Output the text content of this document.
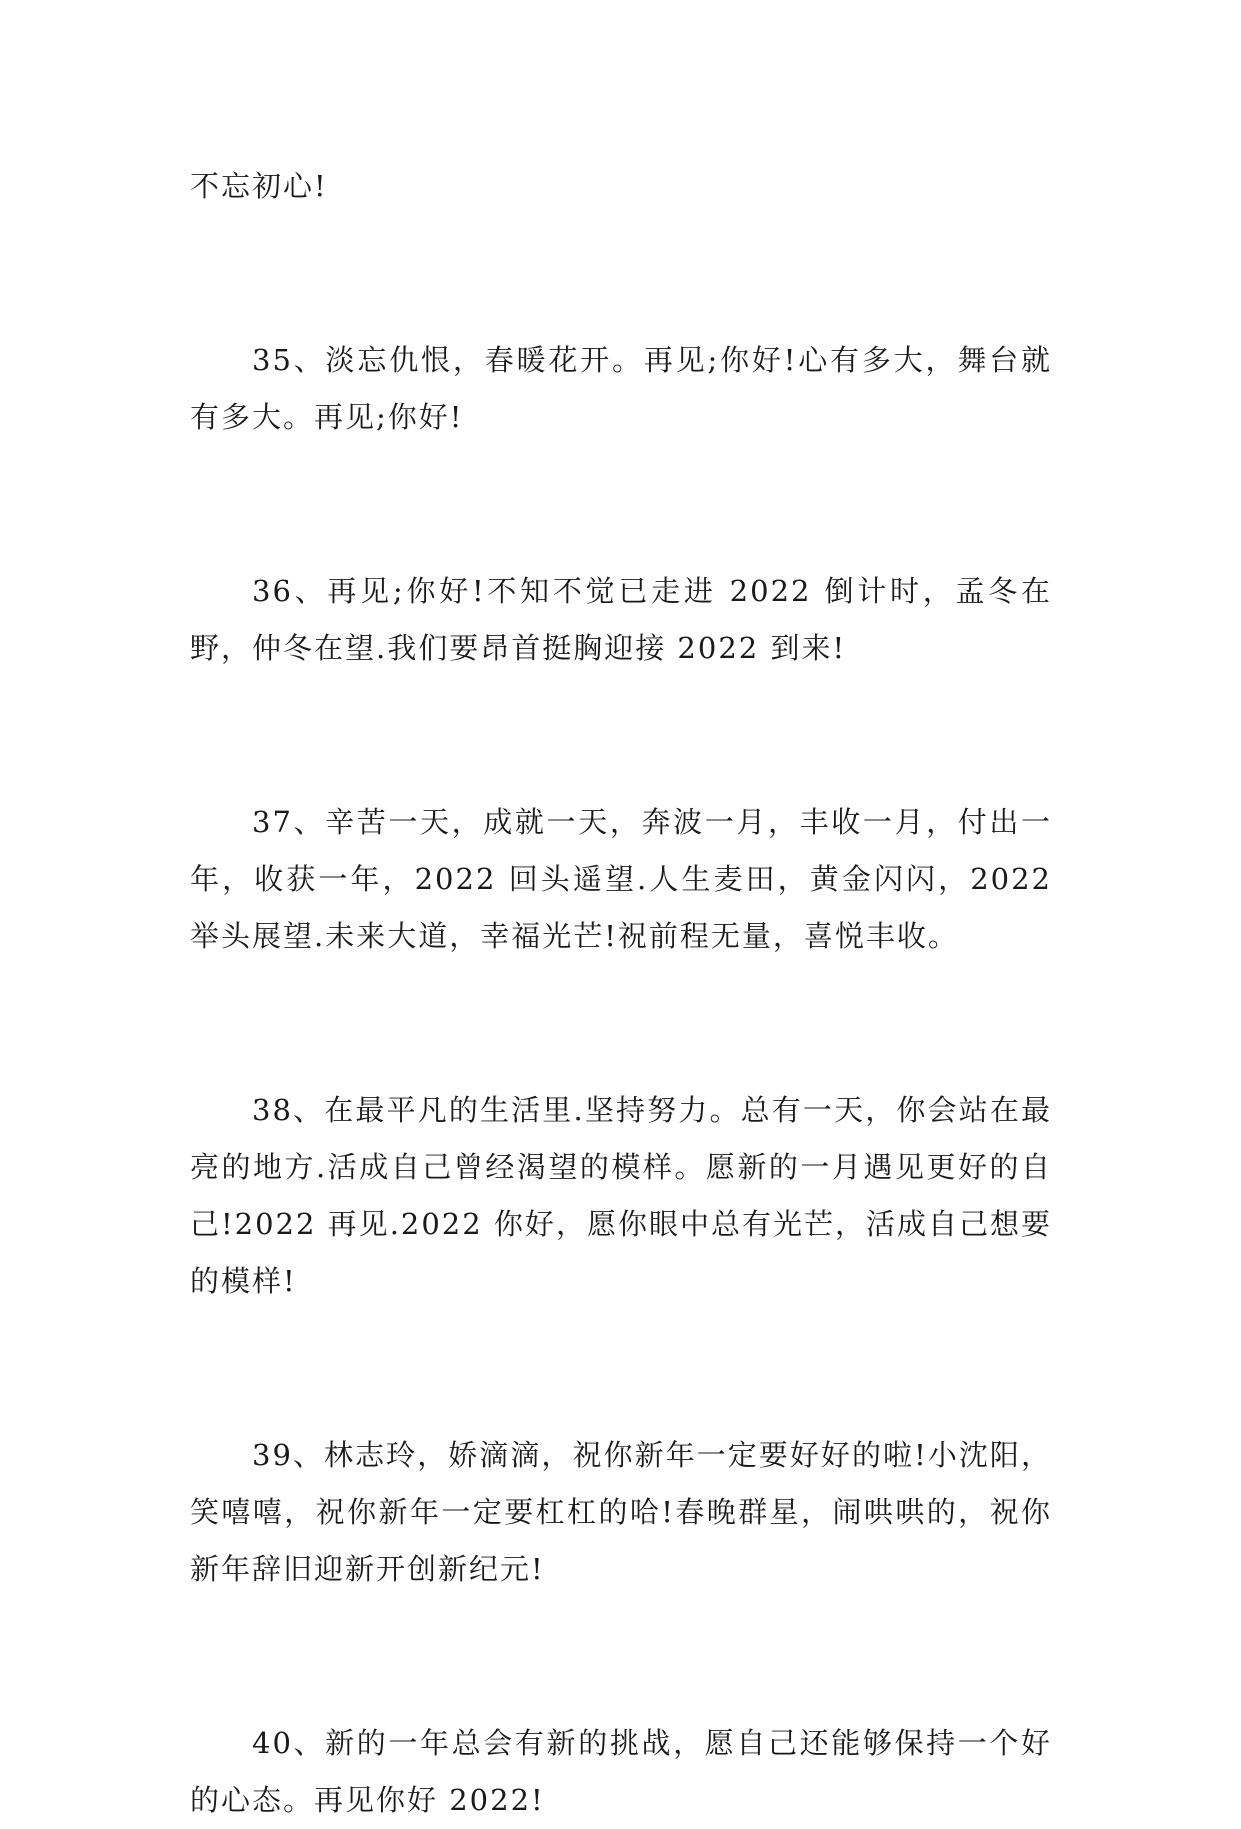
不忘初心!

35、淡忘仇恨，春暖花开。再见;你好!心有多大，舞台就有多大。再见;你好!

36、再见;你好!不知不觉已走进 2022 倒计时，孟冬在野，仲冬在望.我们要昂首挺胸迎接 2022 到来!

37、辛苦一天，成就一天，奔波一月，丰收一月，付出一年，收获一年，2022 回头遥望.人生麦田，黄金闪闪，2022 举头展望.未来大道，幸福光芒!祝前程无量，喜悦丰收。

38、在最平凡的生活里.坚持努力。总有一天，你会站在最亮的地方.活成自己曾经渴望的模样。愿新的一月遇见更好的自己!2022 再见.2022 你好，愿你眼中总有光芒，活成自己想要的模样!

39、林志玲，娇滴滴，祝你新年一定要好好的啦!小沈阳，笑嘻嘻，祝你新年一定要杠杠的哈!春晚群星，闹哄哄的，祝你新年辞旧迎新开创新纪元!

40、新的一年总会有新的挑战，愿自己还能够保持一个好的心态。再见你好 2022!
